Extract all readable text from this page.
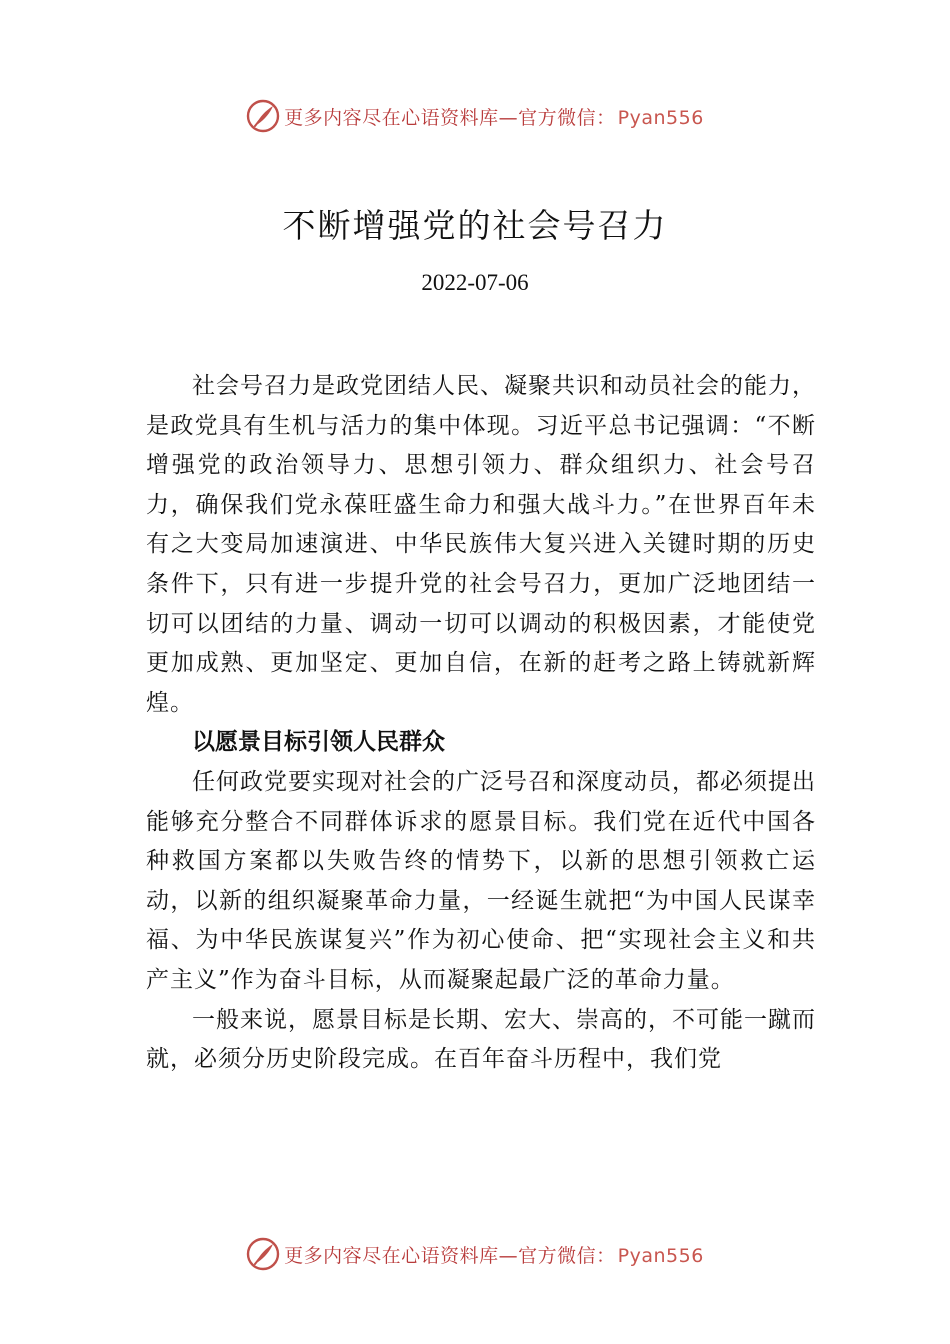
更多内容尽在心语资料库—官方微信： Pyan556
不断增强党的社会号召力
2022-07-06

社会号召力是政党团结人民、凝聚共识和动员社会的能力，是政党具有生机与活力的集中体现。习近平总书记强调：“不断增强党的政治领导力、思想引领力、群众组织力、社会号召力，确保我们党永葆旺盛生命力和强大战斗力。”在世界百年未有之大变局加速演进、中华民族伟大复兴进入关键时期的历史条件下，只有进一步提升党的社会号召力，更加广泛地团结一切可以团结的力量、调动一切可以调动的积极因素，才能使党更加成熟、更加坚定、更加自信，在新的赶考之路上铸就新辉煌。

以愿景目标引领人民群众

任何政党要实现对社会的广泛号召和深度动员，都必须提出能够充分整合不同群体诉求的愿景目标。我们党在近代中国各种救国方案都以失败告终的情势下，以新的思想引领救亡运动，以新的组织凝聚革命力量，一经诞生就把“为中国人民谋幸福、为中华民族谋复兴”作为初心使命、把“实现社会主义和共产主义”作为奋斗目标，从而凝聚起最广泛的革命力量。

一般来说，愿景目标是长期、宏大、崇高的，不可能一蹴而就，必须分历史阶段完成。在百年奋斗历程中，我们党

更多内容尽在心语资料库—官方微信： Pyan556
